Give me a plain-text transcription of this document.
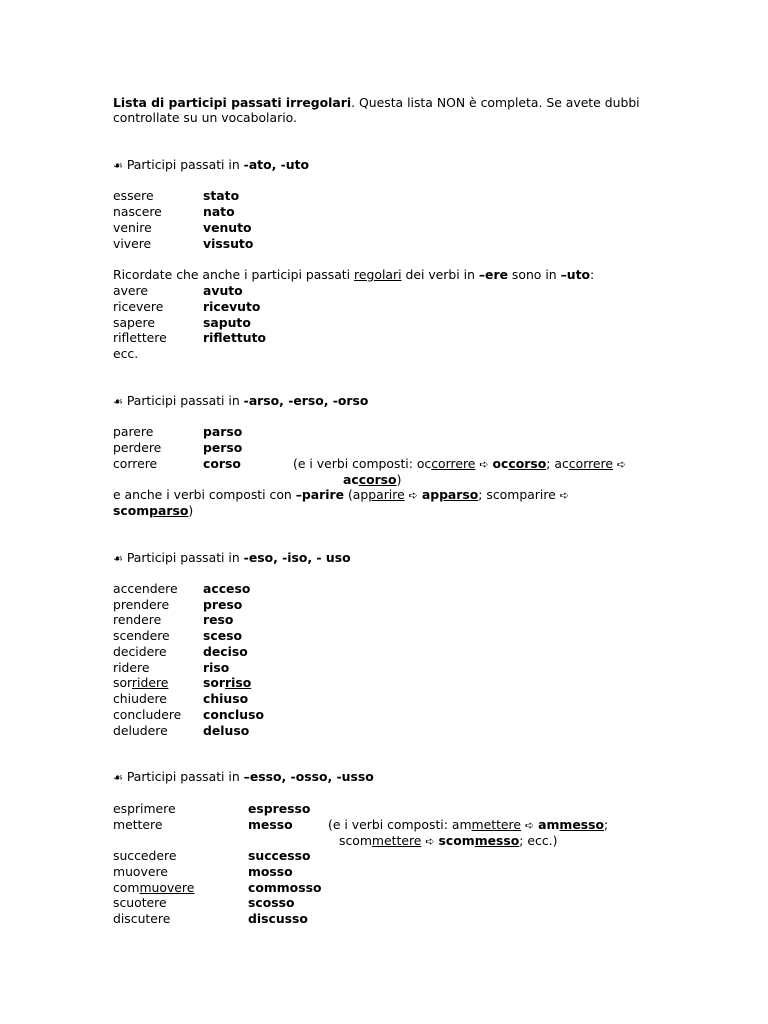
Lista di participi passati irregolari. Questa lista NON è completa. Se avete dubbi
controllate su un vocabolario.
☙ Participi passati in -ato, -uto
essere	stato
nascere	nato
venire	venuto
vivere	vissuto
Ricordate che anche i participi passati regolari dei verbi in –ere sono in –uto:
avere	avuto
ricevere	ricevuto
sapere	saputo
riflettere	riflettuto
ecc.
☙ Participi passati in -arso, -erso, -orso
parere	parso
perdere	perso
correre	corso	(e i verbi composti: occorrere ➪ occorso; accorrere ➪
accorso)
e anche i verbi composti con –parire (apparire ➪ apparso; scomparire ➪
scomparso)
☙ Participi passati in -eso, -iso, - uso
accendere acceso
prendere	preso
rendere	reso
scendere	sceso
decidere	deciso
ridere	riso
sorridere	sorriso
chiudere	chiuso
concludere concluso
deludere	deluso
☙ Participi passati in –esso, -osso, -usso
esprimere	espresso
mettere	messo	(e i verbi composti: ammettere ➪ ammesso;
scommettere ➪ scommesso; ecc.)
succedere	successo
muovere	mosso
commuovere	commosso
scuotere	scosso
discutere	discusso
